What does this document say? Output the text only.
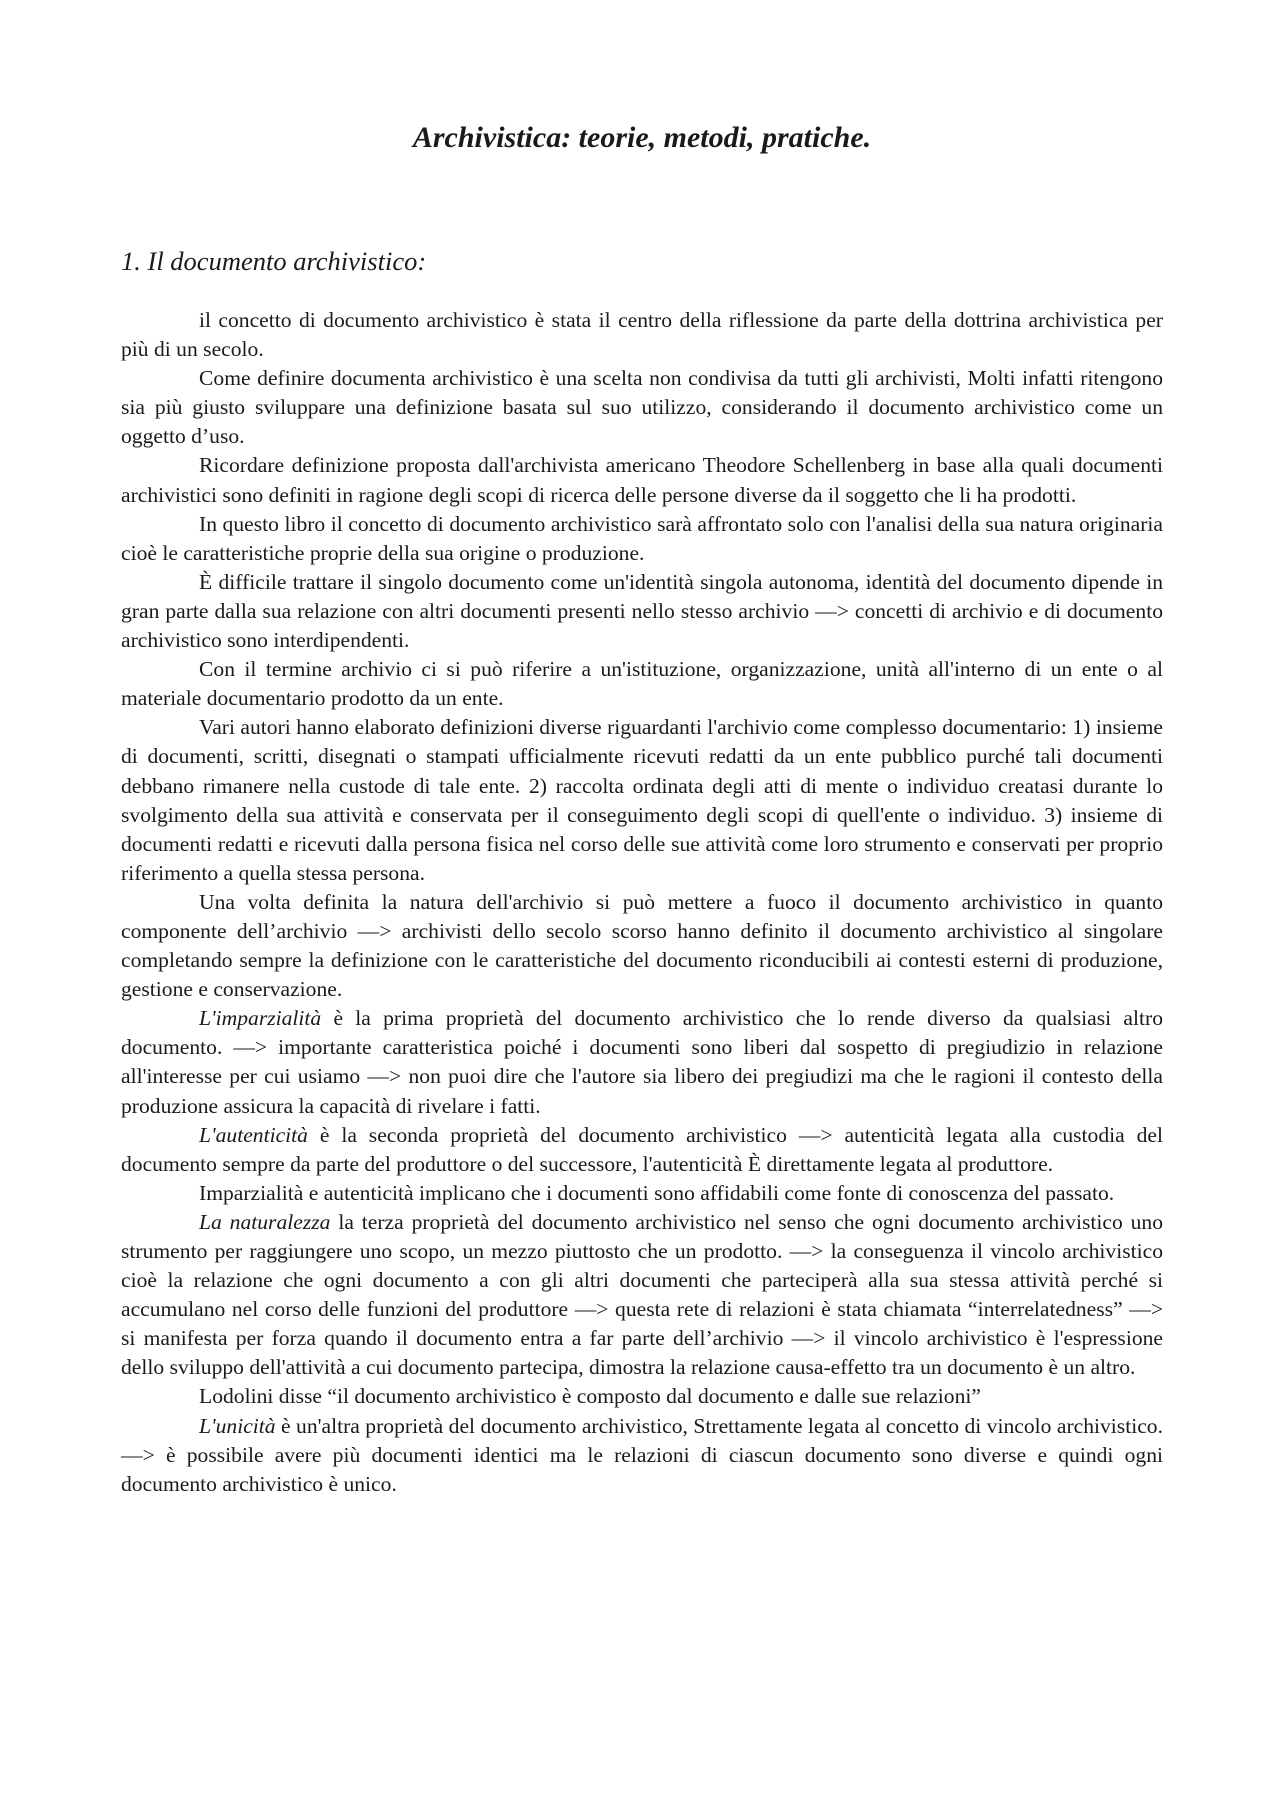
Archivistica: teorie, metodi, pratiche.
1. Il documento archivistico:

il concetto di documento archivistico è stata il centro della riflessione da parte della dottrina archivistica per più di un secolo.

Come definire documenta archivistico è una scelta non condivisa da tutti gli archivisti, Molti infatti ritengono sia più giusto sviluppare una definizione basata sul suo utilizzo, considerando il documento archivistico come un oggetto d’uso.

Ricordare definizione proposta dall'archivista americano Theodore Schellenberg in base alla quali documenti archivistici sono definiti in ragione degli scopi di ricerca delle persone diverse da il soggetto che li ha prodotti.

In questo libro il concetto di documento archivistico sarà affrontato solo con l'analisi della sua natura originaria cioè le caratteristiche proprie della sua origine o produzione.

È difficile trattare il singolo documento come un'identità singola autonoma, identità del documento dipende in gran parte dalla sua relazione con altri documenti presenti nello stesso archivio —> concetti di archivio e di documento archivistico sono interdipendenti.

Con il termine archivio ci si può riferire a un'istituzione, organizzazione, unità all'interno di un ente o al materiale documentario prodotto da un ente.

Vari autori hanno elaborato definizioni diverse riguardanti l'archivio come complesso documentario: 1) insieme di documenti, scritti, disegnati o stampati ufficialmente ricevuti redatti da un ente pubblico purché tali documenti debbano rimanere nella custode di tale ente. 2) raccolta ordinata degli atti di mente o individuo creatasi durante lo svolgimento della sua attività e conservata per il conseguimento degli scopi di quell'ente o individuo. 3) insieme di documenti redatti e ricevuti dalla persona fisica nel corso delle sue attività come loro strumento e conservati per proprio riferimento a quella stessa persona.

Una volta definita la natura dell'archivio si può mettere a fuoco il documento archivistico in quanto componente dell’archivio —> archivisti dello secolo scorso hanno definito il documento archivistico al singolare completando sempre la definizione con le caratteristiche del documento riconducibili ai contesti esterni di produzione, gestione e conservazione.

L'imparzialità è la prima proprietà del documento archivistico che lo rende diverso da qualsiasi altro documento. —> importante caratteristica poiché i documenti sono liberi dal sospetto di pregiudizio in relazione all'interesse per cui usiamo —> non puoi dire che l'autore sia libero dei pregiudizi ma che le ragioni il contesto della produzione assicura la capacità di rivelare i fatti.

L'autenticità è la seconda proprietà del documento archivistico —> autenticità legata alla custodia del documento sempre da parte del produttore o del successore, l'autenticità È direttamente legata al produttore.

Imparzialità e autenticità implicano che i documenti sono affidabili come fonte di conoscenza del passato.

La naturalezza la terza proprietà del documento archivistico nel senso che ogni documento archivistico uno strumento per raggiungere uno scopo, un mezzo piuttosto che un prodotto. —> la conseguenza il vincolo archivistico cioè la relazione che ogni documento a con gli altri documenti che parteciperà alla sua stessa attività perché si accumulano nel corso delle funzioni del produttore —> questa rete di relazioni è stata chiamata “interrelatedness” —> si manifesta per forza quando il documento entra a far parte dell’archivio —> il vincolo archivistico è l'espressione dello sviluppo dell'attività a cui documento partecipa, dimostra la relazione causa-effetto tra un documento è un altro.

Lodolini disse “il documento archivistico è composto dal documento e dalle sue relazioni”

L'unicità è un'altra proprietà del documento archivistico, Strettamente legata al concetto di vincolo archivistico. —> è possibile avere più documenti identici ma le relazioni di ciascun documento sono diverse e quindi ogni documento archivistico è unico.
